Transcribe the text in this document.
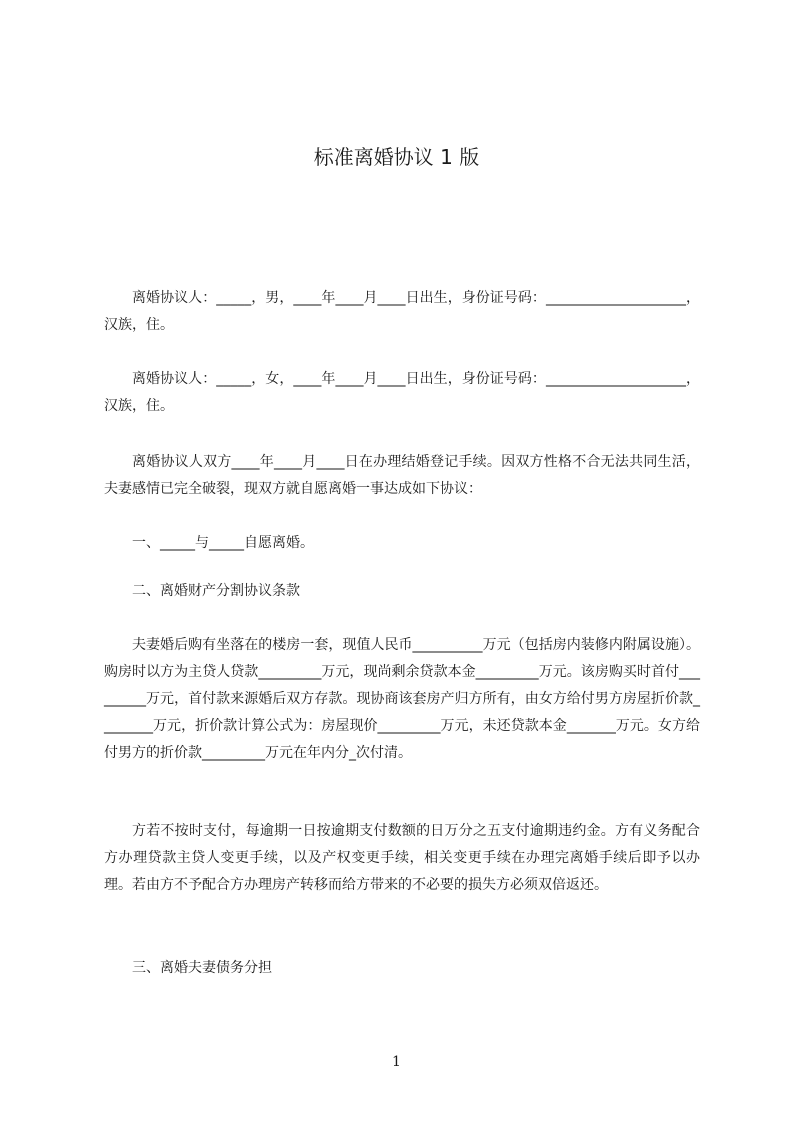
标准离婚协议 1 版

离婚协议人：_____，男，____年____月____日出生，身份证号码：____________________，汉族，住。

离婚协议人：_____，女，____年____月____日出生，身份证号码：____________________，汉族，住。

离婚协议人双方____年____月____日在办理结婚登记手续。因双方性格不合无法共同生活，夫妻感情已完全破裂，现双方就自愿离婚一事达成如下协议：

一、_____与_____自愿离婚。

二、离婚财产分割协议条款

夫妻婚后购有坐落在的楼房一套，现值人民币__________万元（包括房内装修内附属设施）。购房时以方为主贷人贷款_________万元，现尚剩余贷款本金_________万元。该房购买时首付_________万元，首付款来源婚后双方存款。现协商该套房产归方所有，由女方给付男方房屋折价款________万元，折价款计算公式为：房屋现价_________万元，未还贷款本金_______万元。女方给付男方的折价款_________万元在年内分_次付清。

方若不按时支付，每逾期一日按逾期支付数额的日万分之五支付逾期违约金。方有义务配合方办理贷款主贷人变更手续，以及产权变更手续，相关变更手续在办理完离婚手续后即予以办理。若由方不予配合方办理房产转移而给方带来的不必要的损失方必须双倍返还。

三、离婚夫妻债务分担

1
